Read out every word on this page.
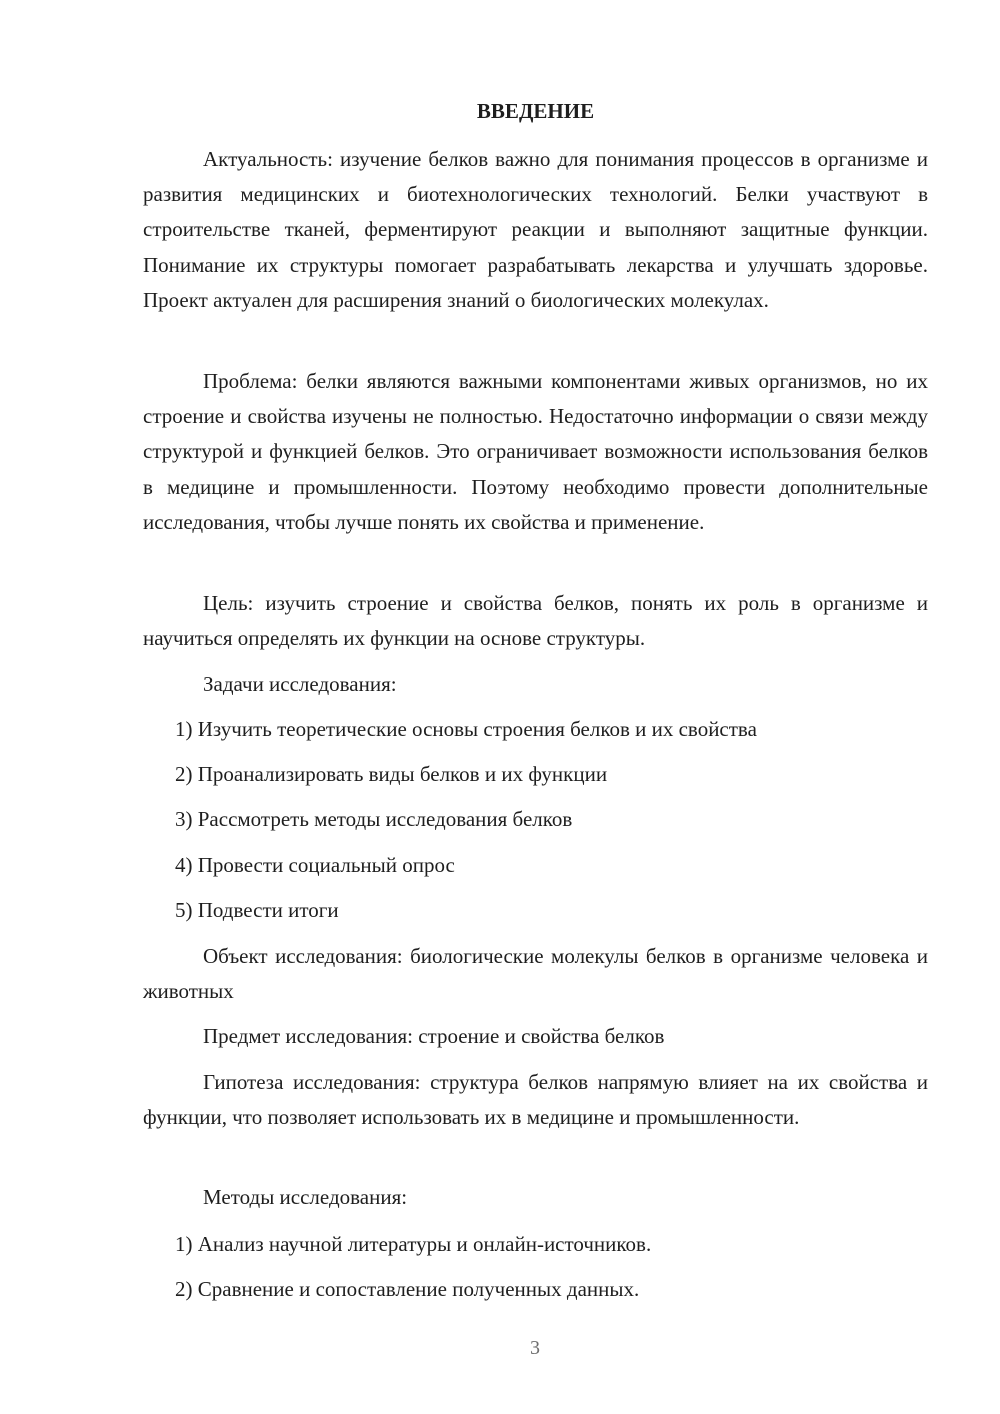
ВВЕДЕНИЕ

Актуальность: изучение белков важно для понимания процессов в организме и развития медицинских и биотехнологических технологий. Белки участвуют в строительстве тканей, ферментируют реакции и выполняют защитные функции. Понимание их структуры помогает разрабатывать лекарства и улучшать здоровье. Проект актуален для расширения знаний о биологических молекулах.

Проблема: белки являются важными компонентами живых организмов, но их строение и свойства изучены не полностью. Недостаточно информации о связи между структурой и функцией белков. Это ограничивает возможности использования белков в медицине и промышленности. Поэтому необходимо провести дополнительные исследования, чтобы лучше понять их свойства и применение.

Цель: изучить строение и свойства белков, понять их роль в организме и научиться определять их функции на основе структуры.

Задачи исследования:

1) Изучить теоретические основы строения белков и их свойства

2) Проанализировать виды белков и их функции

3) Рассмотреть методы исследования белков

4) Провести социальный опрос

5) Подвести итоги

Объект исследования: биологические молекулы белков в организме человека и животных

Предмет исследования: строение и свойства белков

Гипотеза исследования: структура белков напрямую влияет на их свойства и функции, что позволяет использовать их в медицине и промышленности.

Методы исследования:

1) Анализ научной литературы и онлайн-источников.

2) Сравнение и сопоставление полученных данных.

3
